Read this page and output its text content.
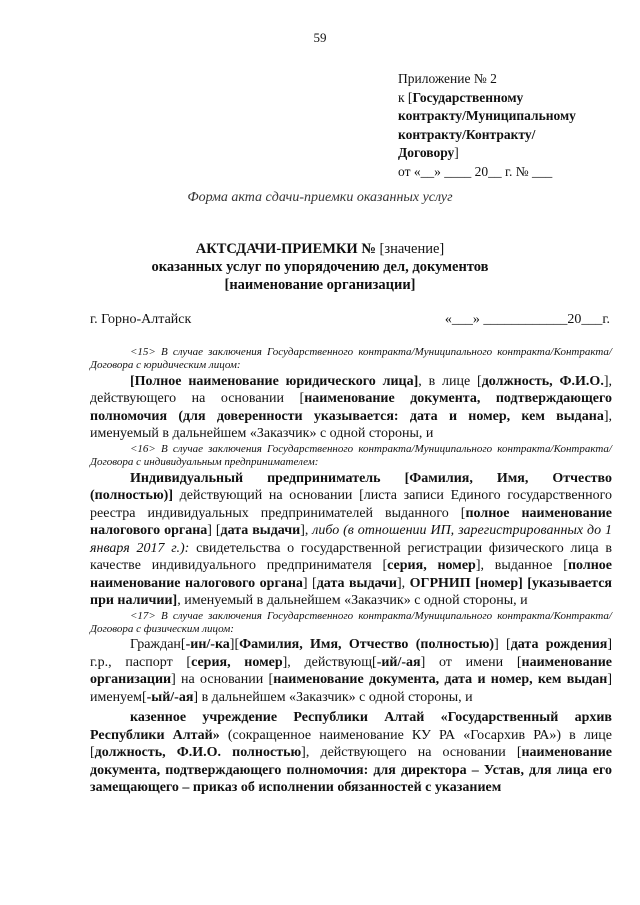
59
Приложение № 2
к [Государственному
контракту/Муниципальному
контракту/Контракту/
Договору]
от «__» ____ 20__ г. № ___
Форма акта сдачи-приемки оказанных услуг
АКТСДАЧИ-ПРИЕМКИ № [значение]
оказанных услуг по упорядочению дел, документов
[наименование организации]
г. Горно-Алтайск	«___» ____________20___г.

<15> В случае заключения Государственного контракта/Муниципального контракта/Контракта/Договора с юридическим лицом:

[Полное наименование юридического лица], в лице [должность, Ф.И.О.], действующего на основании [наименование документа, подтверждающего полномочия (для доверенности указывается: дата и номер, кем выдана], именуемый в дальнейшем «Заказчик» с одной стороны, и

<16> В случае заключения Государственного контракта/Муниципального контракта/Контракта/Договора с индивидуальным предпринимателем:

Индивидуальный предприниматель [Фамилия, Имя, Отчество (полностью)] действующий на основании [листа записи Единого государственного реестра индивидуальных предпринимателей выданного [полное наименование налогового органа] [дата выдачи], либо (в отношении ИП, зарегистрированных до 1 января 2017 г.): свидетельства о государственной регистрации физического лица в качестве индивидуального предпринимателя [серия, номер], выданное [полное наименование налогового органа] [дата выдачи], ОГРНИП [номер] [указывается при наличии], именуемый в дальнейшем «Заказчик» с одной стороны, и

<17> В случае заключения Государственного контракта/Муниципального контракта/Контракта/Договора с физическим лицом:

Граждан[-ин/-ка][Фамилия, Имя, Отчество (полностью)] [дата рождения] г.р., паспорт [серия, номер], действующ[-ий/-ая] от имени [наименование организации] на основании [наименование документа, дата и номер, кем выдан] именуем[-ый/-ая] в дальнейшем «Заказчик» с одной стороны, и

казенное учреждение Республики Алтай «Государственный архив Республики Алтай» (сокращенное наименование КУ РА «Госархив РА») в лице [должность, Ф.И.О. полностью], действующего на основании [наименование документа, подтверждающего полномочия: для директора – Устав, для лица его замещающего – приказ об исполнении обязанностей с указанием
